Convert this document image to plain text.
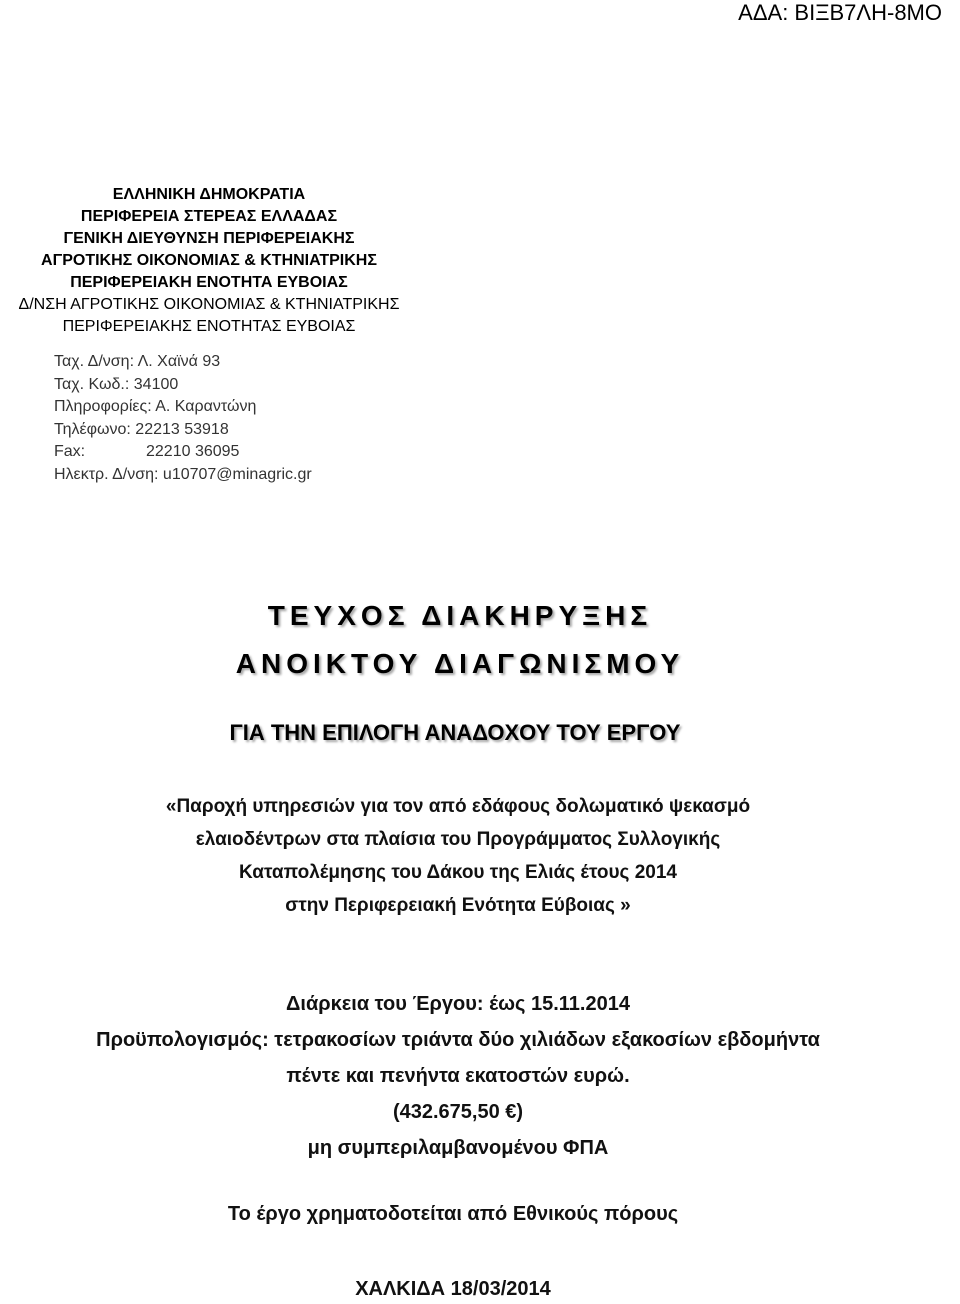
ΑΔΑ: ΒΙΞΒ7ΛΗ-8ΜΟ
ΕΛΛΗΝΙΚΗ ΔΗΜΟΚΡΑΤΙΑ
ΠΕΡΙΦΕΡΕΙΑ ΣΤΕΡΕΑΣ ΕΛΛΑΔΑΣ
ΓΕΝΙΚΗ ΔΙΕΥΘΥΝΣΗ ΠΕΡΙΦΕΡΕΙΑΚΗΣ
ΑΓΡΟΤΙΚΗΣ ΟΙΚΟΝΟΜΙΑΣ & ΚΤΗΝΙΑΤΡΙΚΗΣ
ΠΕΡΙΦΕΡΕΙΑΚΗ ΕΝΟΤΗΤΑ ΕΥΒΟΙΑΣ
Δ/ΝΣΗ ΑΓΡΟΤΙΚΗΣ ΟΙΚΟΝΟΜΙΑΣ & ΚΤΗΝΙΑΤΡΙΚΗΣ
ΠΕΡΙΦΕΡΕΙΑΚΗΣ ΕΝΟΤΗΤΑΣ ΕΥΒΟΙΑΣ
Ταχ. Δ/νση: Λ. Χαϊνά 93
Ταχ. Κωδ.: 34100
Πληροφορίες: Α. Καραντώνη
Τηλέφωνο: 22213 53918
Fax:	22210 36095
Ηλεκτρ. Δ/νση: u10707@minagric.gr
ΤΕΥΧΟΣ ΔΙΑΚΗΡΥΞΗΣ
ΑΝΟΙΚΤΟΥ ΔΙΑΓΩΝΙΣΜΟΥ
ΓΙΑ ΤΗΝ ΕΠΙΛΟΓΗ ΑΝΑΔΟΧΟΥ ΤΟΥ ΕΡΓΟΥ
«Παροχή υπηρεσιών για τον από εδάφους δολωματικό ψεκασμό
ελαιοδέντρων στα πλαίσια του Προγράμματος Συλλογικής
Καταπολέμησης του Δάκου της Ελιάς έτους 2014
στην Περιφερειακή Ενότητα Εύβοιας »
Διάρκεια του Έργου: έως 15.11.2014
Προϋπολογισμός: τετρακοσίων τριάντα δύο χιλιάδων εξακοσίων εβδομήντα
πέντε και πενήντα εκατοστών ευρώ.
(432.675,50 €)
μη συμπεριλαμβανομένου ΦΠΑ
Το έργο χρηματοδοτείται από Εθνικούς πόρους
ΧΑΛΚΙΔΑ 18/03/2014
